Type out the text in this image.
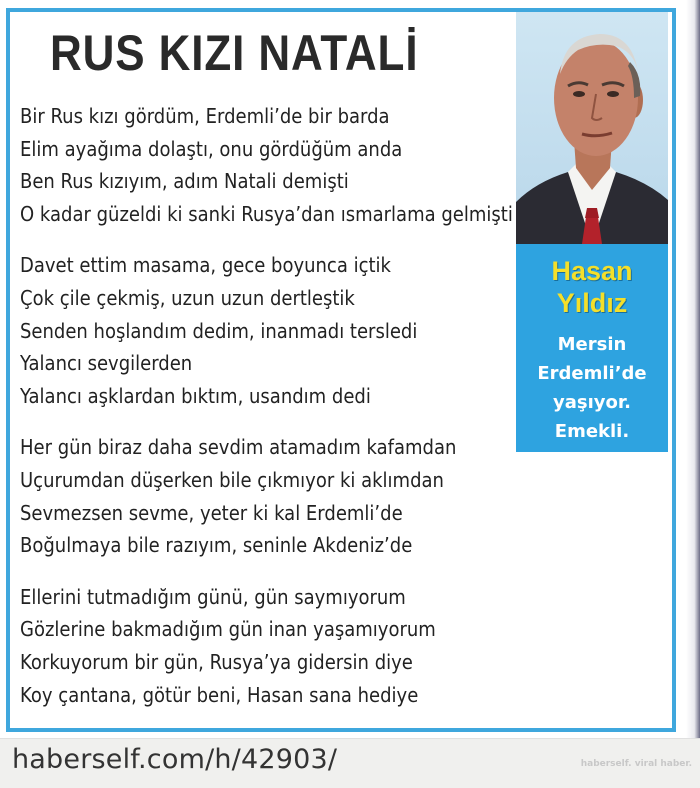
RUS KIZI NATALİ
Bir Rus kızı gördüm, Erdemli’de bir barda
Elim ayağıma dolaştı, onu gördüğüm anda
Ben Rus kızıyım, adım Natali demişti
O kadar güzeldi ki sanki Rusya’dan ısmarlama gelmişti
Davet ettim masama, gece boyunca içtik
Çok çile çekmiş, uzun uzun dertleştik
Senden hoşlandım dedim, inanmadı tersledi
Yalancı sevgilerden
Yalancı aşklardan bıktım, usandım dedi
Her gün biraz daha sevdim atamadım kafamdan
Uçurumdan düşerken bile çıkmıyor ki aklımdan
Sevmezsen sevme, yeter ki kal Erdemli’de
Boğulmaya bile razıyım, seninle Akdeniz’de
Ellerini tutmadığım günü, gün saymıyorum
Gözlerine bakmadığım gün inan yaşamıyorum
Korkuyorum bir gün, Rusya’ya gidersin diye
Koy çantana, götür beni, Hasan sana hediye

Hasan

Yıldız

Mersin

Erdemli’de

yaşıyor.

Emekli.

haberself.com/h/42903/	haberself. viral haber.
